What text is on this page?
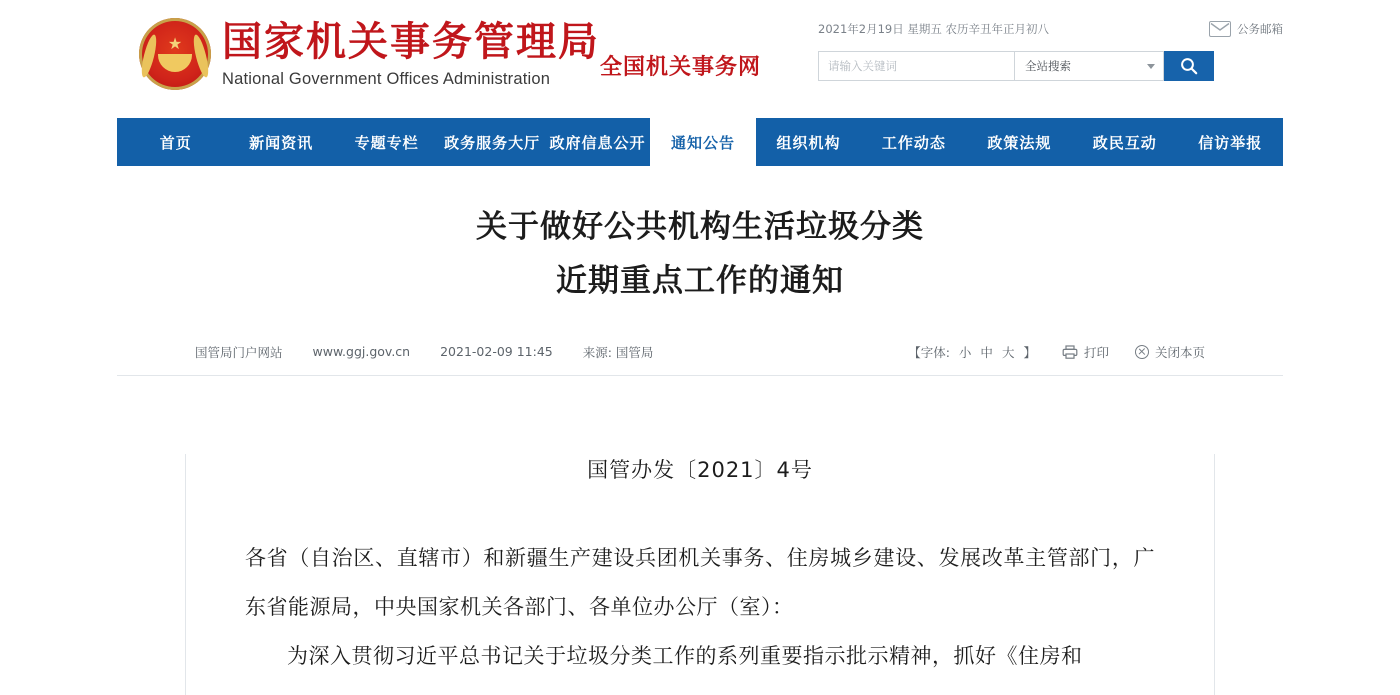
★ 国家机关事务管理局
National Government Offices Administration	全国机关事务网
2021年2月19日 星期五 农历辛丑年正月初八	公务邮箱
请输入关键词
全站搜索
首页	新闻资讯	专题专栏	政务服务大厅 政府信息公开	通知公告	组织机构	工作动态	政策法规	政民互动	信访举报
关于做好公共机构生活垃圾分类
近期重点工作的通知
国管局门户网站 www.ggj.gov.cn 2021-02-09 11:45 来源: 国管局	【字体: 小 中 大 】	打印	关闭本页
国管办发〔2021〕4号
各省（自治区、直辖市）和新疆生产建设兵团机关事务、住房城乡建设、发展改革主管部门，广东省能源局，中央国家机关各部门、各单位办公厅（室）：
为深入贯彻习近平总书记关于垃圾分类工作的系列重要指示批示精神，抓好《住房和
